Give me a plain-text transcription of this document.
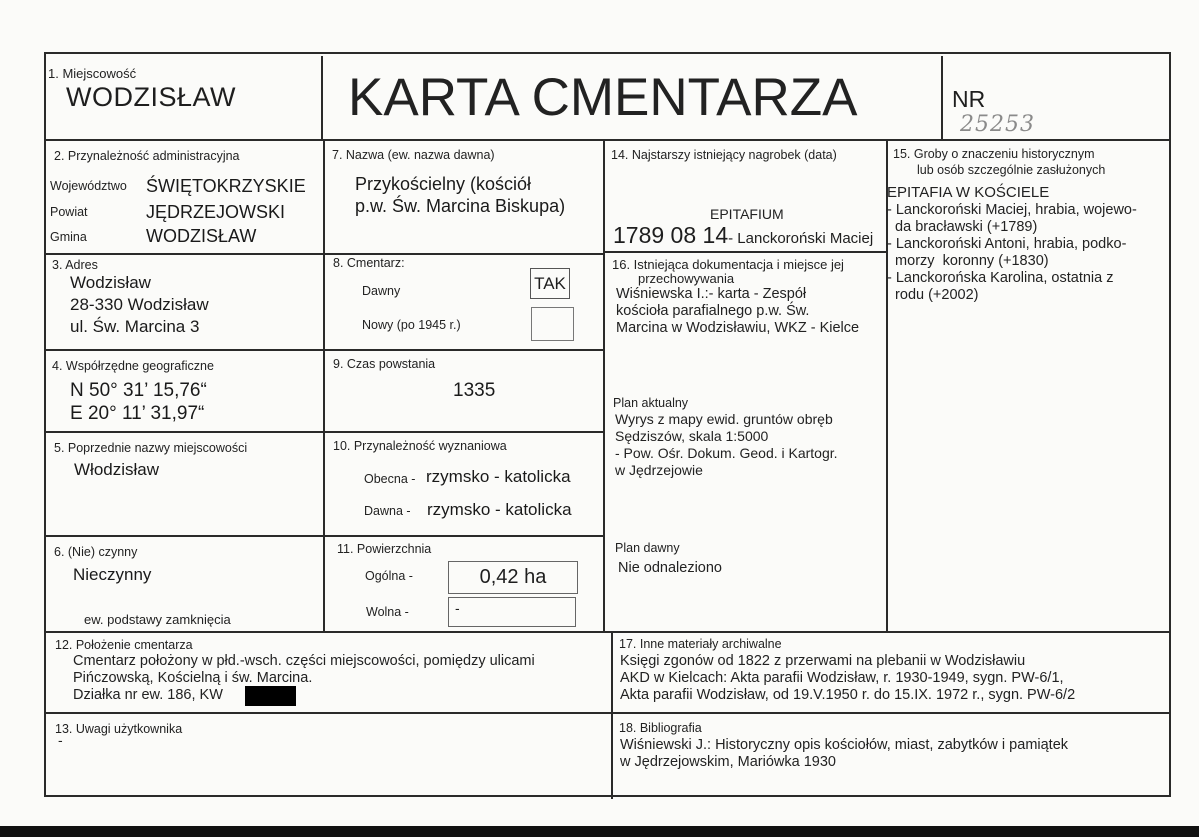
1. Miejscowość
WODZISŁAW KARTA CMENTARZA	NR
25253
2. Przynależność administracyjna
Województwo ŚWIĘTOKRZYSKIE
Powiat	JĘDRZEJOWSKI
Gmina	WODZISŁAW
3. Adres
Wodzisław
28-330 Wodzisław
ul. Św. Marcina 3
4. Współrzędne geograficzne
N 50° 31’ 15,76“
E 20° 11’ 31,97“
5. Poprzednie nazwy miejscowości
Włodzisław
6. (Nie) czynny
Nieczynny
ew. podstawy zamknięcia
7. Nazwa (ew. nazwa dawna)
Przykościelny (kościół
p.w. Św. Marcina Biskupa)
8. Cmentarz:
Dawny	TAK
Nowy (po 1945 r.)
9. Czas powstania
1335
10. Przynależność wyznaniowa
Obecna - rzymsko - katolicka
Dawna - rzymsko - katolicka
11. Powierzchnia
Ogólna -	0,42 ha
Wolna -	-
14. Najstarszy istniejący nagrobek (data)
EPITAFIUM
1789 08 14- Lanckoroński Maciej
16. Istniejąca dokumentacja i miejsce jej
przechowywania
Wiśniewska I.:- karta - Zespół
kościoła parafialnego p.w. Św.
Marcina w Wodzisławiu, WKZ - Kielce
Plan aktualny
Wyrys z mapy ewid. gruntów obręb
Sędziszów, skala 1:5000
- Pow. Ośr. Dokum. Geod. i Kartogr.
w Jędrzejowie
Plan dawny
Nie odnaleziono
15. Groby o znaczeniu historycznym
lub osób szczególnie zasłużonych
EPITAFIA W KOŚCIELE
- Lanckoroński Maciej, hrabia, wojewo-
da bracławski (+1789)
- Lanckoroński Antoni, hrabia, podko-
morzy  koronny (+1830)
- Lanckorońska Karolina, ostatnia z
rodu (+2002)
12. Położenie cmentarza
Cmentarz położony w płd.-wsch. części miejscowości, pomiędzy ulicami
Pińczowską, Kościelną i św. Marcina.
Działka nr ew. 186, KW
13. Uwagi użytkownika
-
17. Inne materiały archiwalne
Księgi zgonów od 1822 z przerwami na plebanii w Wodzisławiu
AKD w Kielcach: Akta parafii Wodzisław, r. 1930-1949, sygn. PW-6/1,
Akta parafii Wodzisław, od 19.V.1950 r. do 15.IX. 1972 r., sygn. PW-6/2
18. Bibliografia
Wiśniewski J.: Historyczny opis kościołów, miast, zabytków i pamiątek
w Jędrzejowskim, Mariówka 1930
